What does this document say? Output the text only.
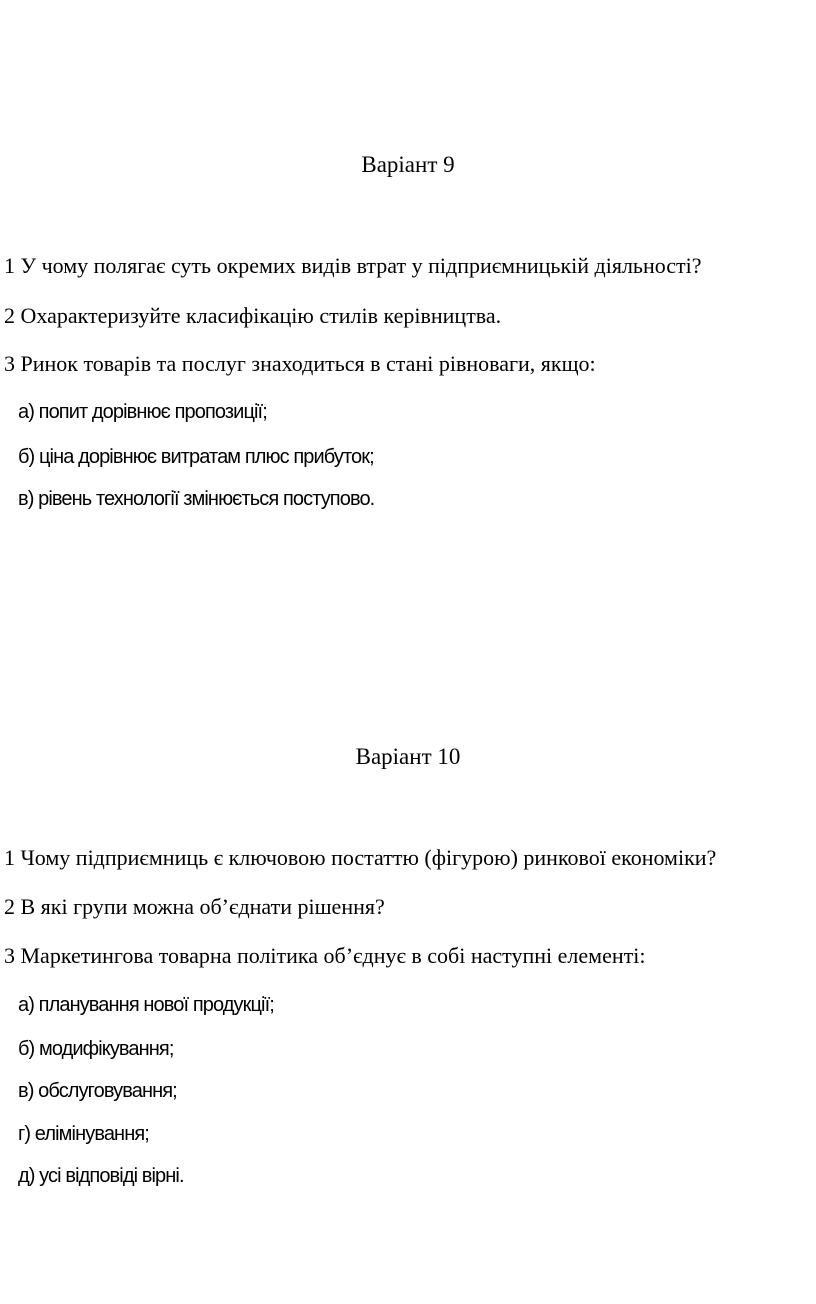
Варіант 9
1 У чому полягає суть окремих видів втрат у підприємницькій діяльності?
2 Охарактеризуйте класифікацію стилів керівництва.
3 Ринок товарів та послуг знаходиться в стані рівноваги, якщо:
а) попит дорівнює пропозиції;
б) ціна дорівнює витратам плюс прибуток;
в) рівень технології змінюється поступово.
Варіант 10
1 Чому підприємниць є ключовою постаттю (фігурою) ринкової економіки?
2 В які групи можна об’єднати рішення?
3 Маркетингова товарна політика об’єднує в собі наступні елементі:
а) планування нової продукції;
б) модифікування;
в) обслуговування;
г) елімінування;
д) усі відповіді вірні.
